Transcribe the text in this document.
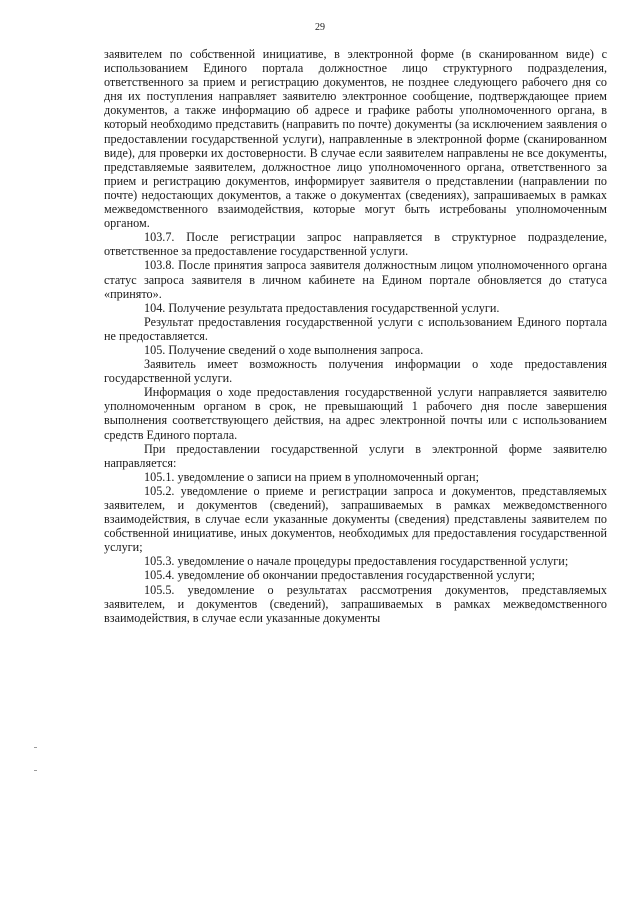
29

заявителем по собственной инициативе, в электронной форме (в сканированном виде) с использованием Единого портала должностное лицо структурного подразделения, ответственного за прием и регистрацию документов, не позднее следующего рабочего дня со дня их поступления направляет заявителю электронное сообщение, подтверждающее прием документов, а также информацию об адресе и графике работы уполномоченного органа, в который необходимо представить (направить по почте) документы (за исключением заявления о предоставлении государственной услуги), направленные в электронной форме (сканированном виде), для проверки их достоверности. В случае если заявителем направлены не все документы, представляемые заявителем, должностное лицо уполномоченного органа, ответственного за прием и регистрацию документов, информирует заявителя о представлении (направлении по почте) недостающих документов, а также о документах (сведениях), запрашиваемых в рамках межведомственного взаимодействия, которые могут быть истребованы уполномоченным органом.

103.7. После регистрации запрос направляется в структурное подразделение, ответственное за предоставление государственной услуги.

103.8. После принятия запроса заявителя должностным лицом уполномоченного органа статус запроса заявителя в личном кабинете на Едином портале обновляется до статуса «принято».

104. Получение результата предоставления государственной услуги.

Результат предоставления государственной услуги с использованием Единого портала не предоставляется.

105. Получение сведений о ходе выполнения запроса.

Заявитель имеет возможность получения информации о ходе предоставления государственной услуги.

Информация о ходе предоставления государственной услуги направляется заявителю уполномоченным органом в срок, не превышающий 1 рабочего дня после завершения выполнения соответствующего действия, на адрес электронной почты или с использованием средств Единого портала.

При предоставлении государственной услуги в электронной форме заявителю направляется:

105.1. уведомление о записи на прием в уполномоченный орган;

105.2. уведомление о приеме и регистрации запроса и документов, представляемых заявителем, и документов (сведений), запрашиваемых в рамках межведомственного взаимодействия, в случае если указанные документы (сведения) представлены заявителем по собственной инициативе, иных документов, необходимых для предоставления государственной услуги;

105.3. уведомление о начале процедуры предоставления государственной услуги;

105.4. уведомление об окончании предоставления государственной услуги;

105.5. уведомление о результатах рассмотрения документов, представляемых заявителем, и документов (сведений), запрашиваемых в рамках межведомственного взаимодействия, в случае если указанные документы
